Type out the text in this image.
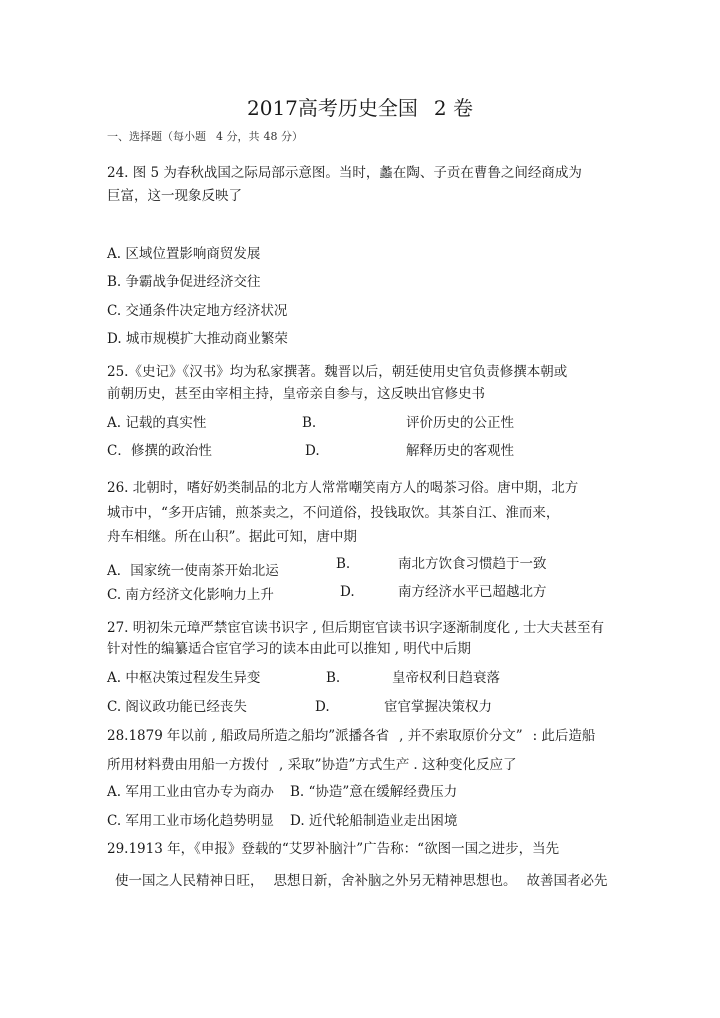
2017高考历史全国 2 卷
一、选择题（每小题 4 分，共 48 分）
24. 图 5 为春秋战国之际局部示意图。当时，蠡在陶、子贡在曹鲁之间经商成为
巨富，这一现象反映了
A. 区域位置影响商贸发展
B. 争霸战争促进经济交往
C. 交通条件决定地方经济状况
D. 城市规模扩大推动商业繁荣
25.《史记》《汉书》均为私家撰著。魏晋以后，朝廷使用史官负责修撰本朝或
前朝历史，甚至由宰相主持，皇帝亲自参与，这反映出官修史书
A. 记载的真实性	B.	评价历史的公正性
C．修撰的政治性	D.	解释历史的客观性
26. 北朝时，嗜好奶类制品的北方人常常嘲笑南方人的喝茶习俗。唐中期，北方
城市中，“多开店铺，煎茶卖之，不问道俗，投钱取饮。其茶自江、淮而来，
舟车相继。所在山积”。据此可知，唐中期
A．国家统一使南茶开始北运	B.	南北方饮食习惯趋于一致
C. 南方经济文化影响力上升	D.	南方经济水平已超越北方
27. 明初朱元璋严禁宦官读书识字 , 但后期宦官读书识字逐渐制度化 , 士大夫甚至有
针对性的编纂适合宦官学习的读本由此可以推知 , 明代中后期
A. 中枢决策过程发生异变	B.	皇帝权利日趋衰落
C. 阁议政功能已经丧失	D.	宦官掌握决策权力
28.1879 年以前 , 船政局所造之船均”派播各省 , 并不索取原价分文” : 此后造船
所用材料费由用船一方拨付 , 采取”协造”方式生产 . 这种变化反应了
A. 军用工业由官办专为商办 B. “协造”意在缓解经费压力
C. 军用工业市场化趋势明显 D. 近代轮船制造业走出困境
29.1913 年，《申报》登载的“艾罗补脑汁”广告称：“欲图一国之进步，当先
使一国之人民精神日旺， 思想日新，舍补脑之外另无精神思想也。 故善国者必先
